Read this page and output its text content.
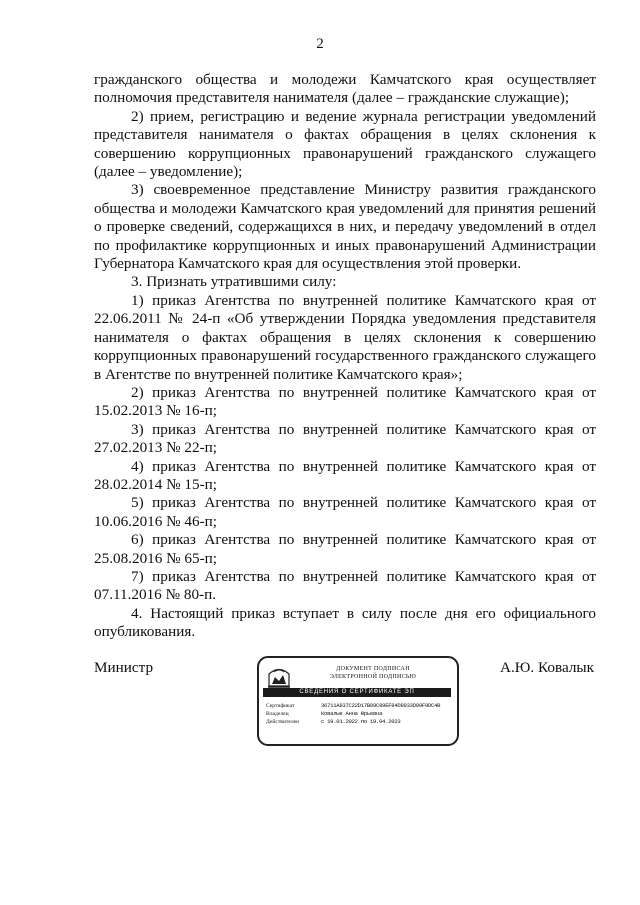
2

гражданского общества и молодежи Камчатского края осуществляет полномочия представителя нанимателя (далее – гражданские служащие);

2) прием, регистрацию и ведение журнала регистрации уведомлений представителя нанимателя о фактах обращения в целях склонения к совершению коррупционных правонарушений гражданского служащего (далее – уведомление);

3) своевременное представление Министру развития гражданского общества и молодежи Камчатского края уведомлений для принятия решений о проверке сведений, содержащихся в них, и передачу уведомлений в отдел по профилактике коррупционных и иных правонарушений Администрации Губернатора Камчатского края для осуществления этой проверки.

3. Признать утратившими силу:

1) приказ Агентства по внутренней политике Камчатского края от 22.06.2011 № 24-п «Об утверждении Порядка уведомления представителя нанимателя о фактах обращения в целях склонения к совершению коррупционных правонарушений государственного гражданского служащего в Агентстве по внутренней политике Камчатского края»;

2) приказ Агентства по внутренней политике Камчатского края от 15.02.2013 № 16-п;

3) приказ Агентства по внутренней политике Камчатского края от 27.02.2013 № 22-п;

4) приказ Агентства по внутренней политике Камчатского края от 28.02.2014 № 15-п;

5) приказ Агентства по внутренней политике Камчатского края от 10.06.2016 № 46-п;

6) приказ Агентства по внутренней политике Камчатского края от 25.08.2016 № 65-п;

7) приказ Агентства по внутренней политике Камчатского края от 07.11.2016 № 80-п.

4. Настоящий приказ вступает в силу после дня его официального опубликования.

Министр	ДОКУМЕНТ ПОДПИСАН
ЭЛЕКТРОННОЙ ПОДПИСЬЮ
СВЕДЕНИЯ О СЕРТИФИКАТЕ ЭП
Сертификат	36711A837C22D17B89C89EF84D8933D09F9DC4B
Владелец	Ковалык Анна Юрьевна
Действителен	с 19.01.2022 по 19.04.2023
А.Ю. Ковалык
